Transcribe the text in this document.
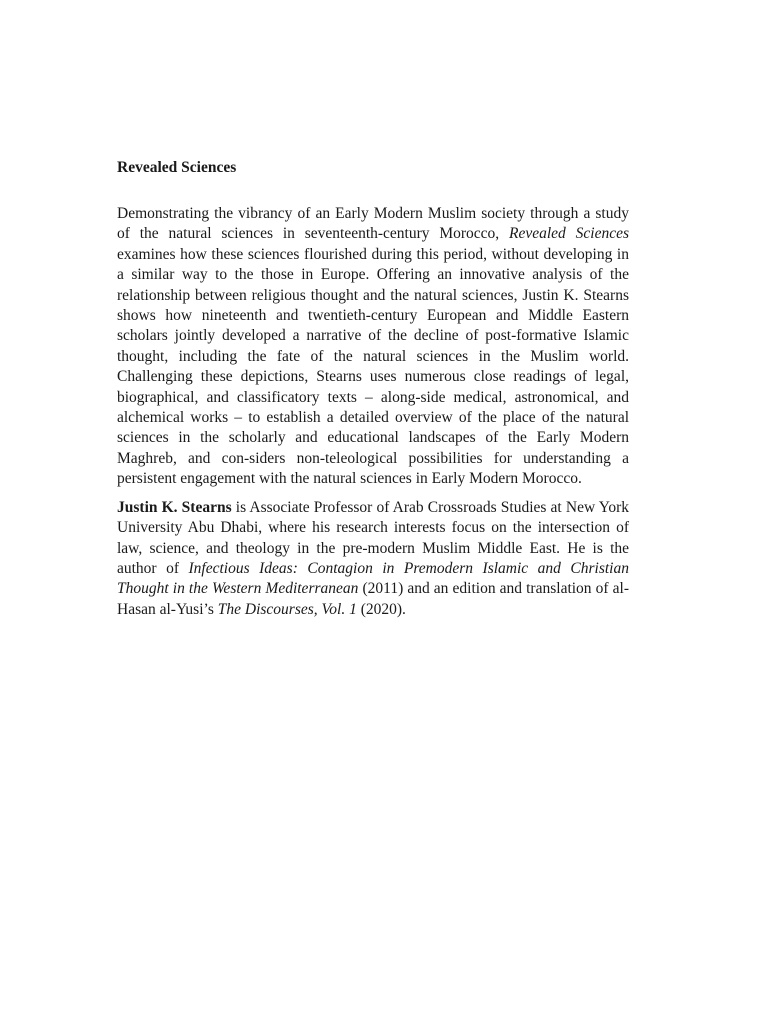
Revealed Sciences

Demonstrating the vibrancy of an Early Modern Muslim society through a study of the natural sciences in seventeenth-century Morocco, Revealed Sciences examines how these sciences flourished during this period, without developing in a similar way to the those in Europe. Offering an innovative analysis of the relationship between religious thought and the natural sciences, Justin K. Stearns shows how nineteenth and twentieth-century European and Middle Eastern scholars jointly developed a narrative of the decline of post-formative Islamic thought, including the fate of the natural sciences in the Muslim world. Challenging these depictions, Stearns uses numerous close readings of legal, biographical, and classificatory texts – along-side medical, astronomical, and alchemical works – to establish a detailed overview of the place of the natural sciences in the scholarly and educational landscapes of the Early Modern Maghreb, and con-siders non-teleological possibilities for understanding a persistent engagement with the natural sciences in Early Modern Morocco.

Justin K. Stearns is Associate Professor of Arab Crossroads Studies at New York University Abu Dhabi, where his research interests focus on the intersection of law, science, and theology in the pre-modern Muslim Middle East. He is the author of Infectious Ideas: Contagion in Premodern Islamic and Christian Thought in the Western Mediterranean (2011) and an edition and translation of al-Hasan al-Yusi’s The Discourses, Vol. 1 (2020).
